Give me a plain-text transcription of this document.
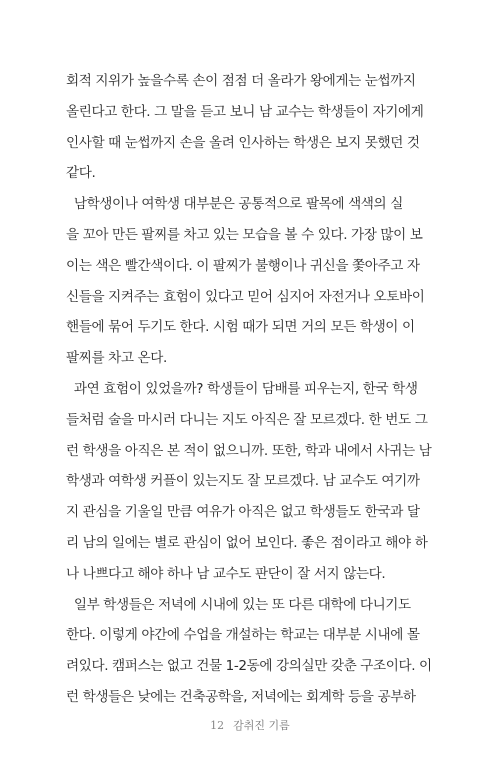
회적 지위가 높을수록 손이 점점 더 올라가 왕에게는 눈썹까지
올린다고 한다. 그 말을 듣고 보니 남 교수는 학생들이 자기에게
인사할 때 눈썹까지 손을 올려 인사하는 학생은 보지 못했던 것
같다.
남학생이나 여학생 대부분은 공통적으로 팔목에 색색의 실
을 꼬아 만든 팔찌를 차고 있는 모습을 볼 수 있다. 가장 많이 보
이는 색은 빨간색이다. 이 팔찌가 불행이나 귀신을 쫓아주고 자
신들을 지켜주는 효험이 있다고 믿어 심지어 자전거나 오토바이
핸들에 묶어 두기도 한다. 시험 때가 되면 거의 모든 학생이 이
팔찌를 차고 온다.
과연 효험이 있었을까? 학생들이 담배를 피우는지, 한국 학생
들처럼 술을 마시러 다니는 지도 아직은 잘 모르겠다. 한 번도 그
런 학생을 아직은 본 적이 없으니까. 또한, 학과 내에서 사귀는 남
학생과 여학생 커플이 있는지도 잘 모르겠다. 남 교수도 여기까
지 관심을 기울일 만큼 여유가 아직은 없고 학생들도 한국과 달
리 남의 일에는 별로 관심이 없어 보인다. 좋은 점이라고 해야 하
나 나쁘다고 해야 하나 남 교수도 판단이 잘 서지 않는다.
일부 학생들은 저녁에 시내에 있는 또 다른 대학에 다니기도
한다. 이렇게 야간에 수업을 개설하는 학교는 대부분 시내에 몰
려있다. 캠퍼스는 없고 건물 1-2동에 강의실만 갖춘 구조이다. 이
런 학생들은 낮에는 건축공학을, 저녁에는 회계학 등을 공부하
12 감취진 기름
